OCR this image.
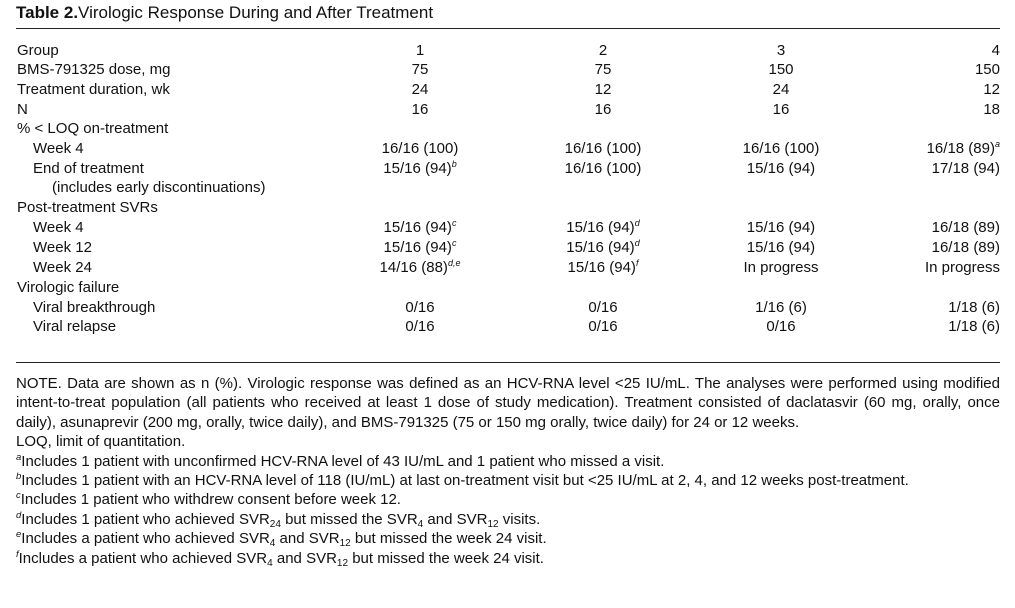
Table 2.Virologic Response During and After Treatment
Group	1	2	3	4
BMS-791325 dose, mg	75	75	150	150
Treatment duration, wk	24	12	24	12
N	16	16	16	18
% < LOQ on-treatment
Week 4	16/16 (100)	16/16 (100)	16/16 (100)	16/18 $(89)^a$
End of treatment	15/16 $(94)^b$	16/16 (100)	15/16 (94)	17/18 (94)
(includes early discontinuations)
Post-treatment SVRs
Week 4	15/16 $(94)^c$	15/16 $(94)^d$	15/16 (94)	16/18 (89)
Week 12	15/16 $(94)^c$	15/16 $(94)^d$	15/16 (94)	16/18 (89)
Week 24	14/16 $(88)^{d,e}$	15/16 $(94)^f$	In progress	In progress
Virologic failure
Viral breakthrough	0/16	0/16	1/16 (6)	1/18 (6)
Viral relapse	0/16	0/16	0/16	1/18 (6)

NOTE. Data are shown as n (%). Virologic response was defined as an HCV-RNA level <25 IU/mL. The analyses were performed using modified intent-to-treat population (all patients who received at least 1 dose of study medication). Treatment consisted of daclatasvir (60 mg, orally, once daily), asunaprevir (200 mg, orally, twice daily), and BMS-791325 (75 or 150 mg orally, twice daily) for 24 or 12 weeks.

LOQ, limit of quantitation.

$^a$Includes 1 patient with unconfirmed HCV-RNA level of 43 IU/mL and 1 patient who missed a visit.

$^b$Includes 1 patient with an HCV-RNA level of 118 (IU/mL) at last on-treatment visit but <25 IU/mL at 2, 4, and 12 weeks post-treatment.

$^c$Includes 1 patient who withdrew consent before week 12.

$^d$Includes 1 patient who achieved $SVR_{24}$ but missed the $SVR_4$ and $SVR_{12}$ visits.

$^e$Includes a patient who achieved $SVR_4$ and $SVR_{12}$ but missed the week 24 visit.

$^f$Includes a patient who achieved $SVR_4$ and $SVR_{12}$ but missed the week 24 visit.
